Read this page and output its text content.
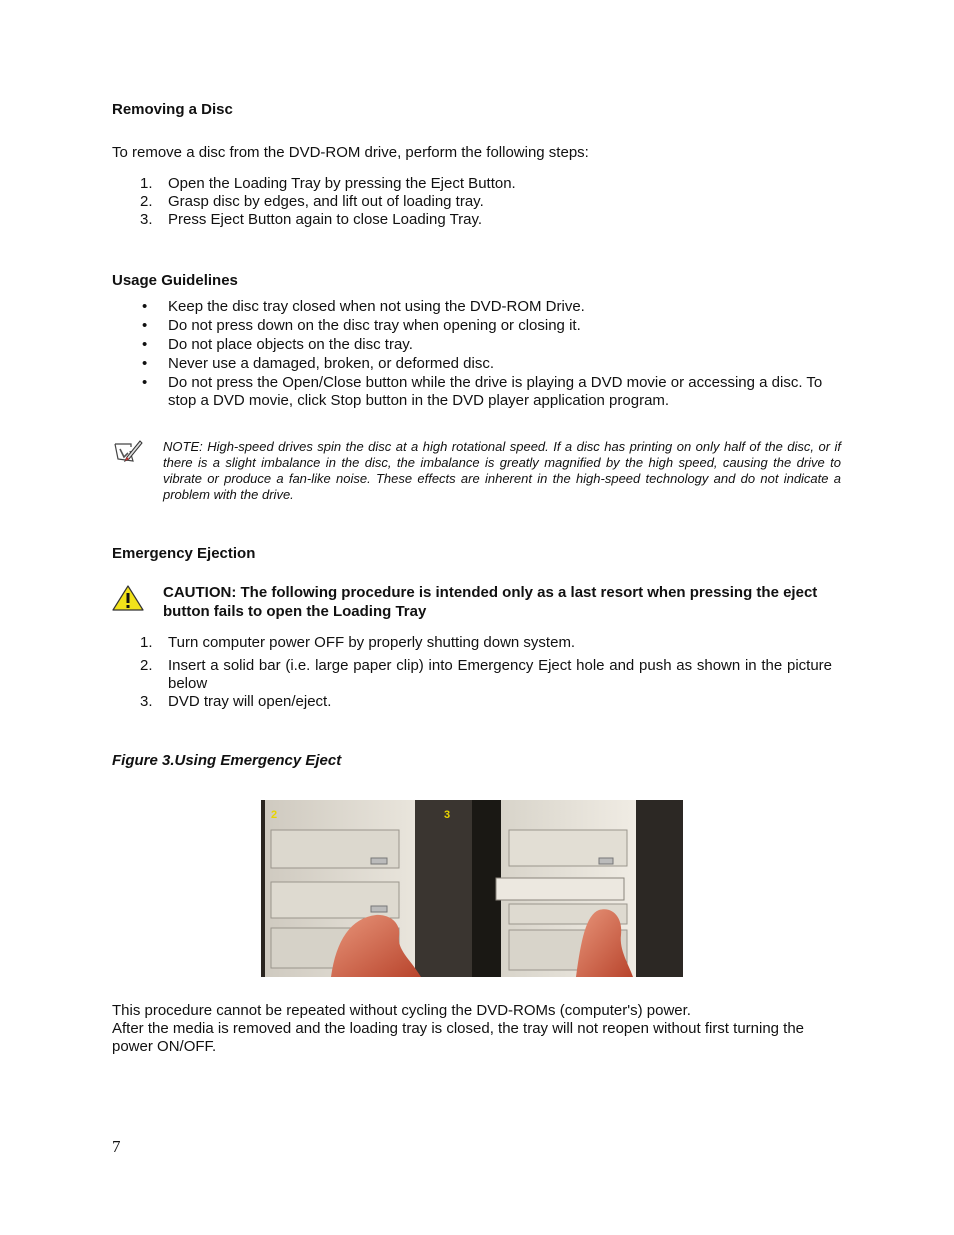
Removing a Disc
To remove a disc from the DVD-ROM drive, perform the following steps:
1. Open the Loading Tray by pressing the Eject Button.
2. Grasp disc by edges, and lift out of loading tray.
3. Press Eject Button again to close Loading Tray.
Usage Guidelines
• Keep the disc tray closed when not using the DVD-ROM Drive.
• Do not press down on the disc tray when opening or closing it.
• Do not place objects on the disc tray.
• Never use a damaged, broken, or deformed disc.
• Do not press the Open/Close button while the drive is playing a DVD movie or accessing a disc. To stop a DVD movie, click Stop button in the DVD player application program.
NOTE: High-speed drives spin the disc at a high rotational speed. If a disc has printing on only half of the disc, or if there is a slight imbalance in the disc, the imbalance is greatly magnified by the high speed, causing the drive to vibrate or produce a fan-like noise. These effects are inherent in the high-speed technology and do not indicate a problem with the drive.
Emergency Ejection
CAUTION: The following procedure is intended only as a last resort when pressing the eject button fails to open the Loading Tray
1. Turn computer power OFF by properly shutting down system.
2. Insert a solid bar (i.e. large paper clip) into Emergency Eject hole and push as shown in the picture below
3. DVD tray will open/eject.
Figure 3.Using Emergency Eject
2	3
This procedure cannot be repeated without cycling the DVD-ROMs (computer's) power.
After the media is removed and the loading tray is closed, the tray will not reopen without first turning the power ON/OFF.
7
